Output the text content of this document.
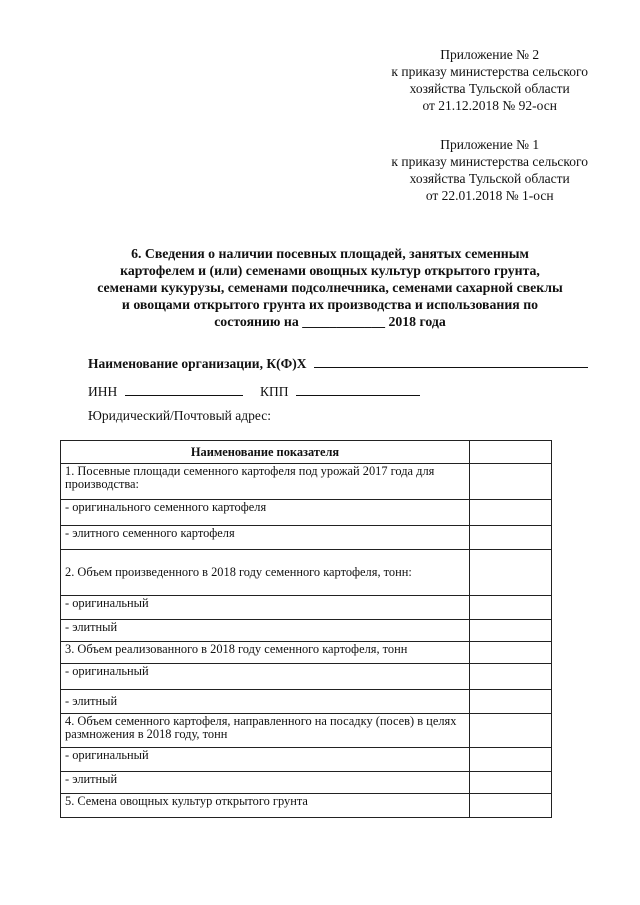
Приложение № 2
к приказу министерства сельского
хозяйства Тульской области
от 21.12.2018 № 92-осн
Приложение № 1
к приказу министерства сельского
хозяйства Тульской области
от 22.01.2018 № 1-осн
6. Сведения о наличии посевных площадей, занятых семенным
картофелем и (или) семенами овощных культур открытого грунта,
семенами кукурузы, семенами подсолнечника, семенами сахарной свеклы
и овощами открытого грунта их производства и использования по
состоянию на ____________ 2018 года
Наименование организации, К(Ф)Х
ИНН	КПП
Юридический/Почтовый адрес:
Наименование показателя	
1. Посевные площади семенного картофеля под урожай 2017 года для производства:	
- оригинального семенного картофеля	
- элитного семенного картофеля	
2. Объем произведенного в 2018 году семенного картофеля, тонн:	
- оригинальный	
- элитный	
3. Объем реализованного в 2018 году семенного картофеля, тонн	
- оригинальный	
- элитный	
4. Объем семенного картофеля, направленного на посадку (посев) в целях размножения в 2018 году, тонн	
- оригинальный	
- элитный	
5. Семена овощных культур открытого грунта	
